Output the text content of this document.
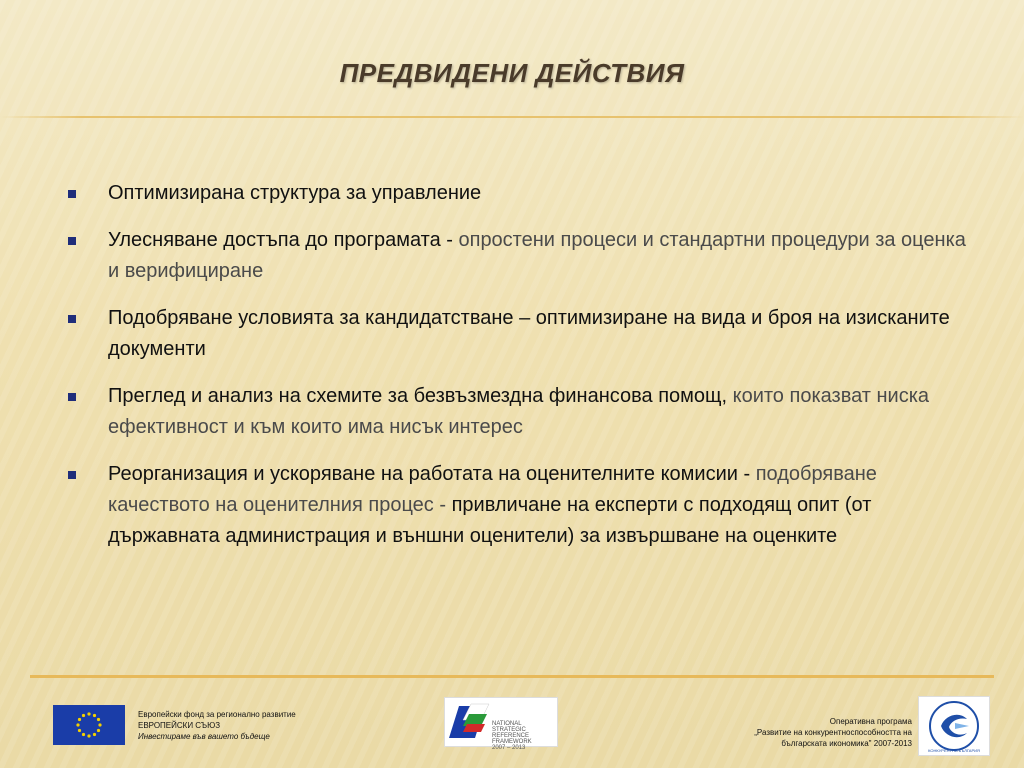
ПРЕДВИДЕНИ ДЕЙСТВИЯ
Оптимизирана структура за управление
Улесняване достъпа до програмата - опростени процеси и стандартни процедури за оценка и верифициране
Подобряване условията за кандидатстване – оптимизиране на вида и броя на изисканите документи
Преглед и анализ на схемите за безвъзмездна финансова помощ, които показват ниска ефективност и към които има нисък интерес
Реорганизация и ускоряване на работата на оценителните комисии - подобряване качеството на оценителния процес - привличане на експерти с подходящ опит (от държавната администрация и външни оценители) за извършване на оценките
Европейски фонд за регионално развитие
ЕВРОПЕЙСКИ СЪЮЗ
Инвестираме във вашето бъдеще
NATIONAL
STRATEGIC
REFERENCE FRAMEWORK
2007 – 2013
Оперативна програма
„Развитие на конкурентноспособността на
българската икономика" 2007-2013
КОНКУРЕНТНА БЪЛГАРИЯ
